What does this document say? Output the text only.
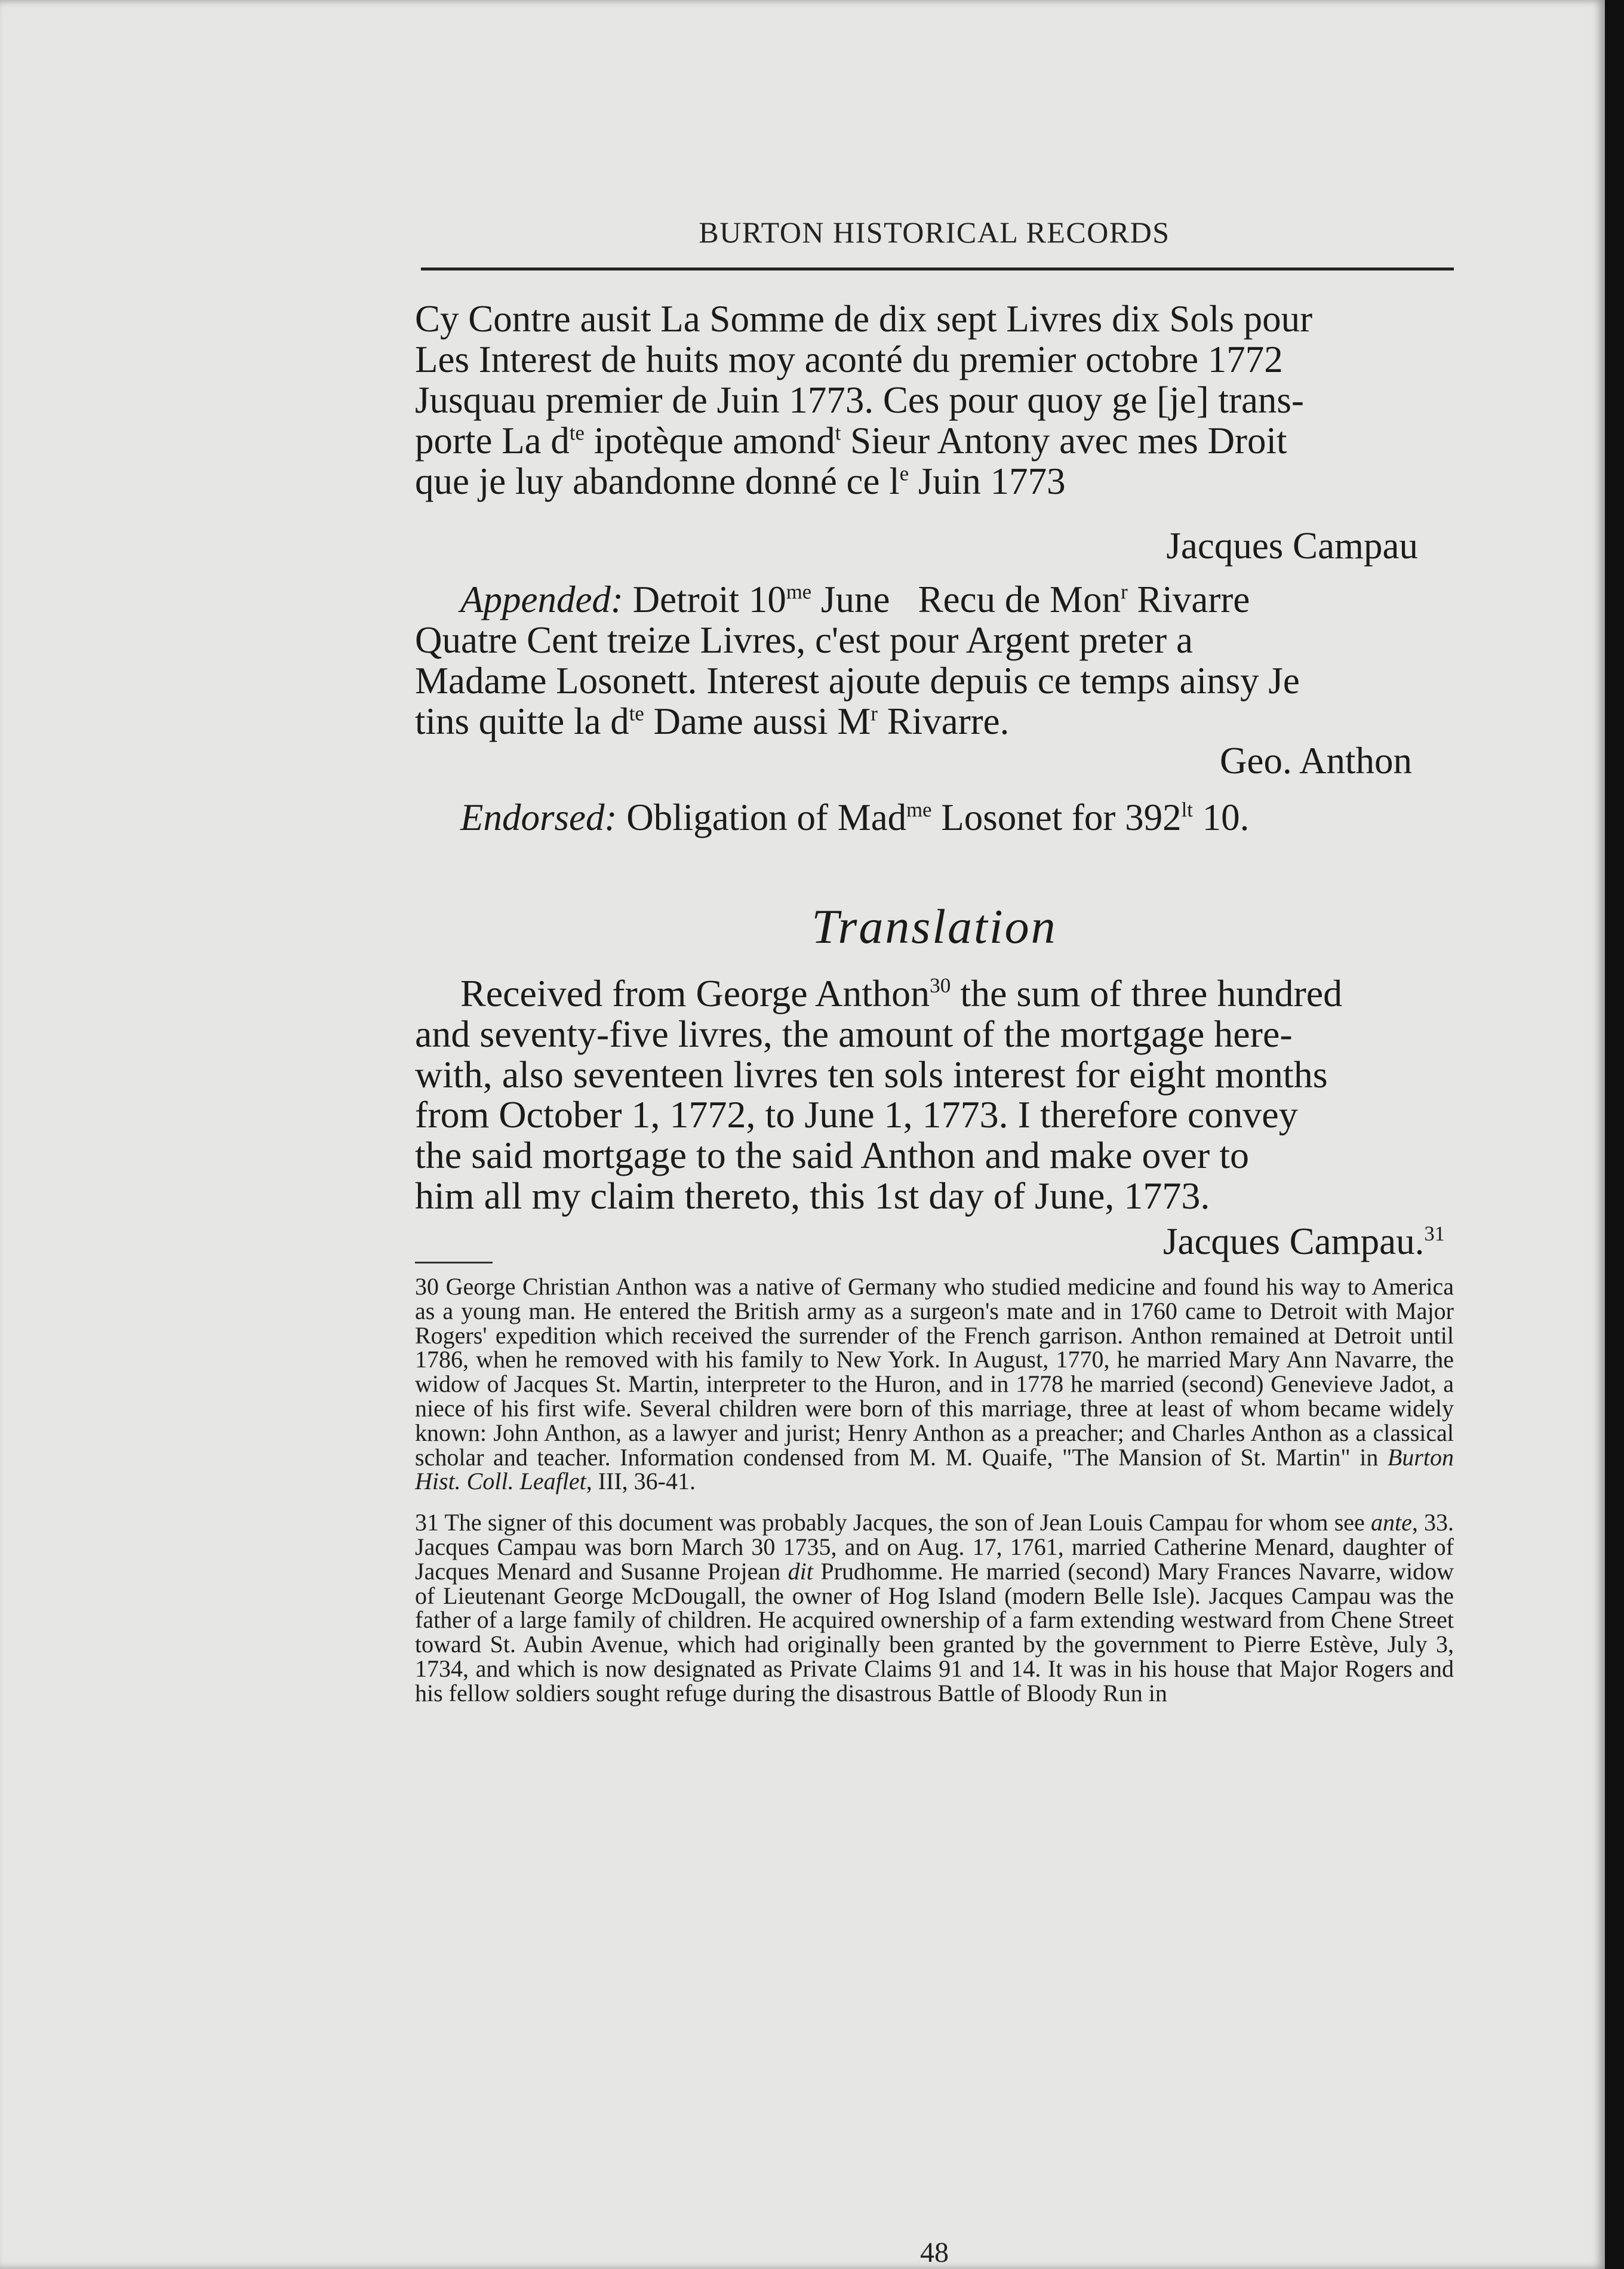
BURTON HISTORICAL RECORDS

Cy Contre ausit La Somme de dix sept Livres dix Sols pour

Les Interest de huits moy aconté du premier octobre 1772

Jusquau premier de Juin 1773. Ces pour quoy ge [je] trans-

porte La $d^{te}$ ipotèque amond$^t$ Sieur Antony avec mes Droit

que je luy abandonne donné ce $l^e$ Juin 1773

Jacques Campau

Appended: Detroit $10^{me}$ June   Recu de Mon$^r$ Rivarre

Quatre Cent treize Livres, c'est pour Argent preter a

Madame Losonett. Interest ajoute depuis ce temps ainsy Je

tins quitte la $d^{te}$ Dame aussi $M^r$ Rivarre.

Geo. Anthon

Endorsed: Obligation of Mad$^{me}$ Losonet for $392^{lt}$ 10.

Translation

Received from George Anthon$^{30}$ the sum of three hundred

and seventy-five livres, the amount of the mortgage here-

with, also seventeen livres ten sols interest for eight months

from October 1, 1772, to June 1, 1773. I therefore convey

the said mortgage to the said Anthon and make over to

him all my claim thereto, this 1st day of June, 1773.

Jacques Campau.$^{31}$

30 George Christian Anthon was a native of Germany who studied medicine and found his way to America as a young man. He entered the British army as a surgeon's mate and in 1760 came to Detroit with Major Rogers' expedition which received the surrender of the French garrison. Anthon remained at Detroit until 1786, when he removed with his family to New York. In August, 1770, he married Mary Ann Navarre, the widow of Jacques St. Martin, interpreter to the Huron, and in 1778 he married (second) Genevieve Jadot, a niece of his first wife. Several children were born of this marriage, three at least of whom became widely known: John Anthon, as a lawyer and jurist; Henry Anthon as a preacher; and Charles Anthon as a classical scholar and teacher. Information condensed from M. M. Quaife, "The Mansion of St. Martin" in Burton Hist. Coll. Leaflet, III, 36-41.

31 The signer of this document was probably Jacques, the son of Jean Louis Campau for whom see ante, 33. Jacques Campau was born March 30 1735, and on Aug. 17, 1761, married Catherine Menard, daughter of Jacques Menard and Susanne Projean dit Prudhomme. He married (second) Mary Frances Navarre, widow of Lieutenant George McDougall, the owner of Hog Island (modern Belle Isle). Jacques Campau was the father of a large family of children. He acquired ownership of a farm extending westward from Chene Street toward St. Aubin Avenue, which had originally been granted by the government to Pierre Estève, July 3, 1734, and which is now designated as Private Claims 91 and 14. It was in his house that Major Rogers and his fellow soldiers sought refuge during the disastrous Battle of Bloody Run in

48
